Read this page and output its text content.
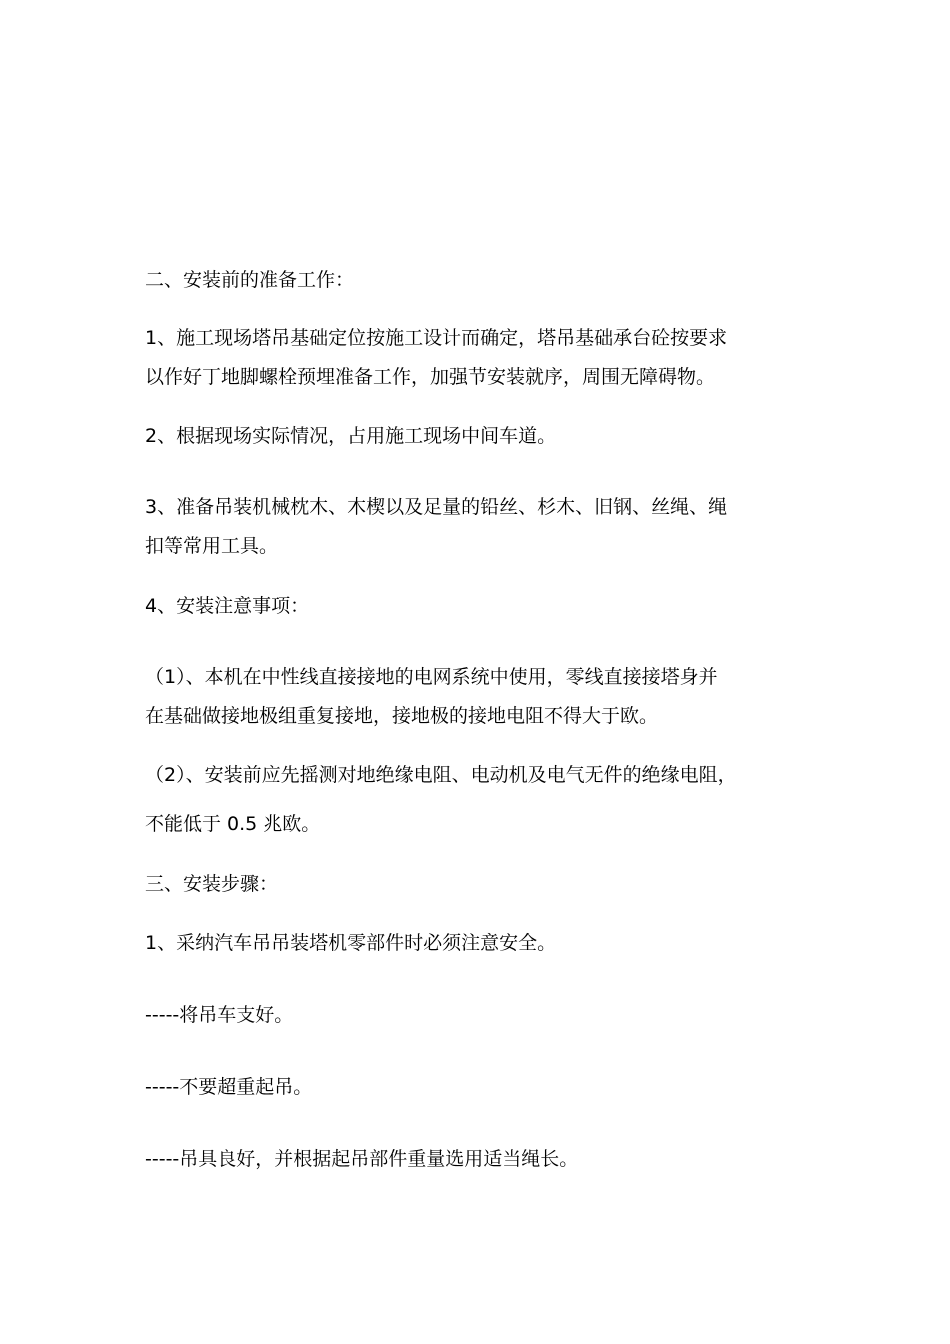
二、安装前的准备工作：
1、施工现场塔吊基础定位按施工设计而确定，塔吊基础承台砼按要求
以作好丁地脚螺栓预埋准备工作，加强节安装就序，周围无障碍物。
2、根据现场实际情况，占用施工现场中间车道。
3、准备吊装机械枕木、木楔以及足量的铅丝、杉木、旧钢、丝绳、绳
扣等常用工具。
4、安装注意事项：
（1）、本机在中性线直接接地的电网系统中使用，零线直接接塔身并
在基础做接地极组重复接地，接地极的接地电阻不得大于欧。
（2）、安装前应先摇测对地绝缘电阻、电动机及电气无件的绝缘电阻，
不能低于 0.5 兆欧。
三、安装步骤：
1、采纳汽车吊吊装塔机零部件时必须注意安全。
-----将吊车支好。
-----不要超重起吊。
-----吊具良好，并根据起吊部件重量选用适当绳长。
